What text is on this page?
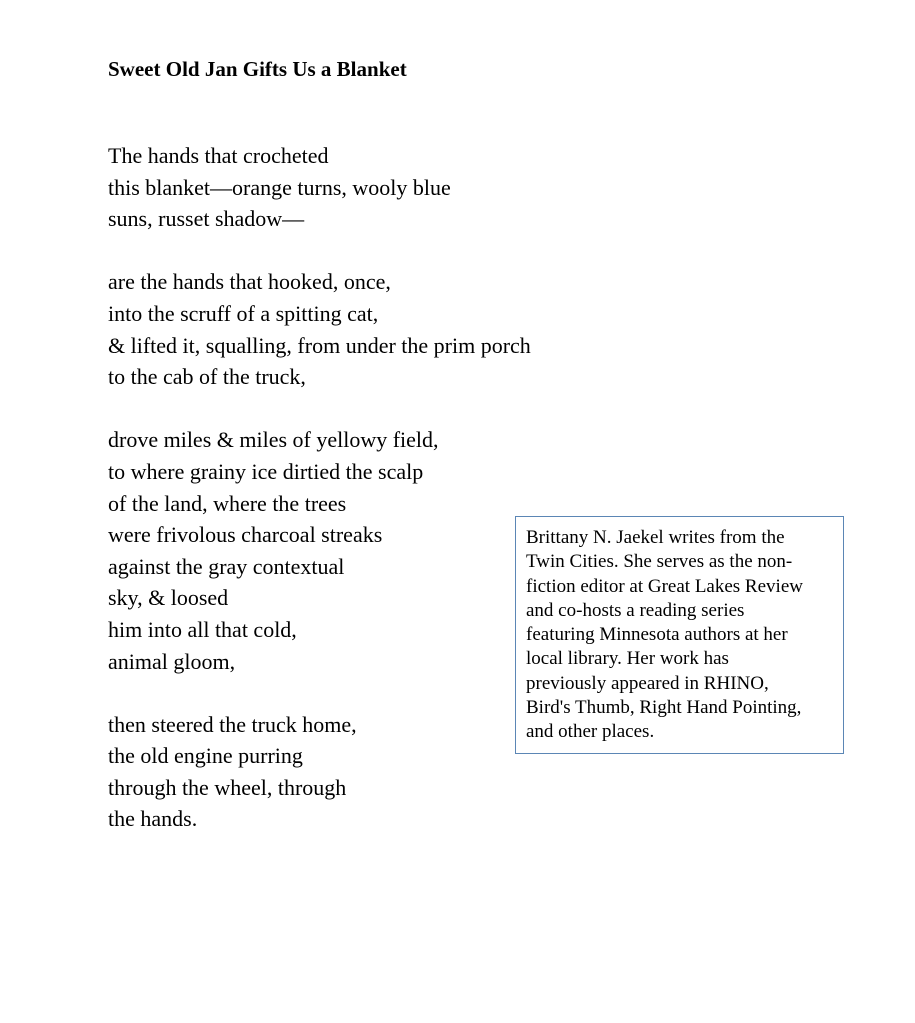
Sweet Old Jan Gifts Us a Blanket
The hands that crocheted
this blanket—orange turns, wooly blue
suns, russet shadow—
are the hands that hooked, once,
into the scruff of a spitting cat,
& lifted it, squalling, from under the prim porch
to the cab of the truck,
drove miles & miles of yellowy field,
to where grainy ice dirtied the scalp
of the land, where the trees
were frivolous charcoal streaks
against the gray contextual
sky, & loosed
him into all that cold,
animal gloom,
then steered the truck home,
the old engine purring
through the wheel, through
the hands.
Brittany N. Jaekel writes from the
Twin Cities. She serves as the non-
fiction editor at Great Lakes Review
and co-hosts a reading series
featuring Minnesota authors at her
local library. Her work has
previously appeared in RHINO,
Bird's Thumb, Right Hand Pointing,
and other places.
